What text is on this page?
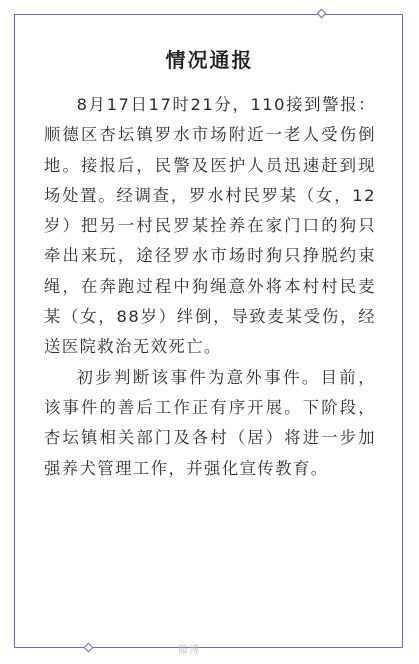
情况通报

8月17日17时21分，110接到警报：顺德区杏坛镇罗水市场附近一老人受伤倒地。接报后，民警及医护人员迅速赶到现场处置。经调查，罗水村民罗某（女，12岁）把另一村民罗某拴养在家门口的狗只牵出来玩，途径罗水市场时狗只挣脱约束绳，在奔跑过程中狗绳意外将本村村民麦某（女，88岁）绊倒，导致麦某受伤，经送医院救治无效死亡。

初步判断该事件为意外事件。目前，该事件的善后工作正有序开展。下阶段，杏坛镇相关部门及各村（居）将进一步加强养犬管理工作，并强化宣传教育。

微博
